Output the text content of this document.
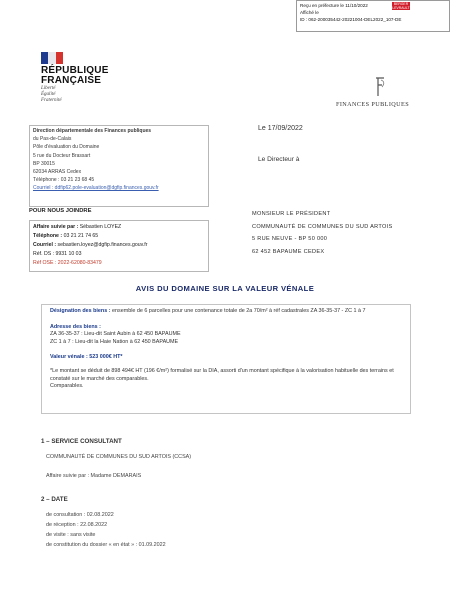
Reçu en préfecture le 11/10/2022
Affiché le
ID : 062-200035442-20221004-DEL2022_107-DE
BERGER LEVRAULT
RÉPUBLIQUE
FRANÇAISE
Liberté
Égalité
Fraternité
FINANCES PUBLIQUES
Direction départementale des Finances publiques
du Pas-de-Calais
Pôle d'évaluation du Domaine
5 rue du Docteur Brassart
BP 30015
62034 ARRAS Cedex
Téléphone : 03 21 23 68 45
Courriel : ddfip62.pole-evaluation@dgfip.finances.gouv.fr
POUR NOUS JOINDRE
Affaire suivie par : Sébastien LOYEZ
Téléphone : 03 21 21 74 65
Courriel : sebastien.loyez@dgfip.finances.gouv.fr
Réf. DS : 9931 10 03
Réf OSE : 2022-62080-83479
Le 17/09/2022
Le Directeur à
MONSIEUR LE PRÉSIDENT
COMMUNAUTÉ DE COMMUNES DU SUD ARTOIS
5 RUE NEUVE - BP 50 000
62 452 BAPAUME CEDEX
AVIS DU DOMAINE SUR LA VALEUR VÉNALE

Désignation des biens : ensemble de 6 parcelles pour une contenance totale de 2a 70/m² à réf cadastrales ZA 36-35-37 - ZC 1 à 7

Adresse des biens :

ZA 36-35-37 : Lieu-dit Saint Aubin à 62 450 BAPAUME

ZC 1 à 7 : Lieu-dit la Haie Nation à 62 450 BAPAUME

Valeur vénale : 523 000€ HT*

*Le montant se déduit de 898 494€ HT (196 €/m²) formalisé sur la DIA, assorti d'un montant spécifique à la valorisation habituelle des terrains et constaté sur le marché des comparables.

Comparables.

1 – SERVICE CONSULTANT
COMMUNAUTÉ DE COMMUNES DU SUD ARTOIS (CCSA)
Affaire suivie par : Madame DEMARAIS
2 – DATE
de consultation : 02.08.2022
de réception : 22.08.2022
de visite : sans visite
de constitution du dossier « en état » : 01.09.2022
